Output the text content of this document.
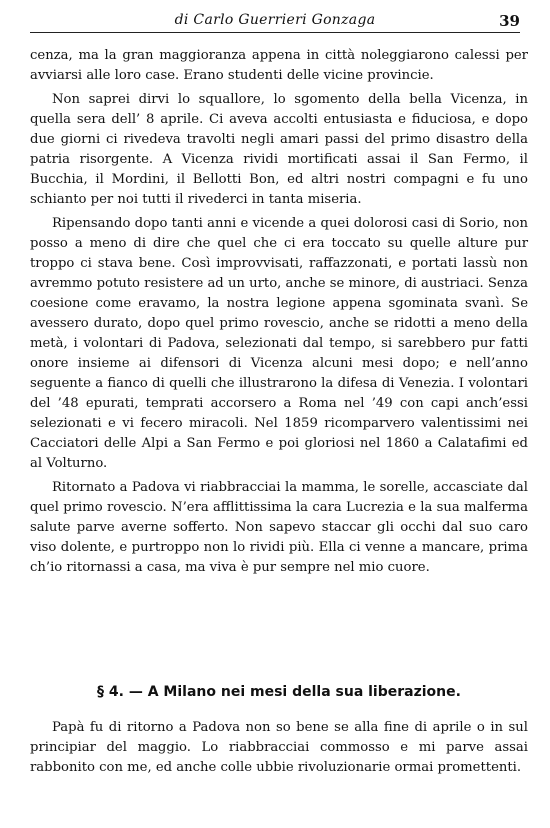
di Carlo Guerrieri Gonzaga	39

cenza, ma la gran maggioranza appena in città noleggiarono calessi per avviarsi alle loro case. Erano studenti delle vicine provincie.

Non saprei dirvi lo squallore, lo sgomento della bella Vicenza, in quella sera dell’ 8 aprile. Ci aveva accolti entusiasta e fiduciosa, e dopo due giorni ci rivedeva travolti negli amari passi del primo disastro della patria risorgente. A Vicenza rividi mortificati assai il San Fermo, il Bucchia, il Mordini, il Bellotti Bon, ed altri nostri compagni e fu uno schianto per noi tutti il rivederci in tanta miseria.

Ripensando dopo tanti anni e vicende a quei dolorosi casi di Sorio, non posso a meno di dire che quel che ci era toccato su quelle alture pur troppo ci stava bene. Così improvvisati, raffazzonati, e portati lassù non avremmo potuto resistere ad un urto, anche se minore, di austriaci. Senza coesione come eravamo, la nostra legione appena sgominata svanì. Se avessero durato, dopo quel primo rovescio, anche se ridotti a meno della metà, i volontari di Padova, selezionati dal tempo, si sarebbero pur fatti onore insieme ai difensori di Vicenza alcuni mesi dopo; e nell’anno seguente a fianco di quelli che illustrarono la difesa di Venezia. I volontari del ’48 epurati, temprati accorsero a Roma nel ’49 con capi anch’essi selezionati e vi fecero miracoli. Nel 1859 ricomparvero valentissimi nei Cacciatori delle Alpi a San Fermo e poi gloriosi nel 1860 a Calatafimi ed al Volturno.

Ritornato a Padova vi riabbracciai la mamma, le sorelle, accasciate dal quel primo rovescio. N’era afflittissima la cara Lucrezia e la sua malferma salute parve averne sofferto. Non sapevo staccar gli occhi dal suo caro viso dolente, e purtroppo non lo rividi più. Ella ci venne a mancare, prima ch’io ritornassi a casa, ma viva è pur sempre nel mio cuore.

§ 4. — A Milano nei mesi della sua liberazione.

Papà fu di ritorno a Padova non so bene se alla fine di aprile o in sul principiar del maggio. Lo riabbracciai commosso e mi parve assai rabbonito con me, ed anche colle ubbie rivoluzionarie ormai promettenti.
